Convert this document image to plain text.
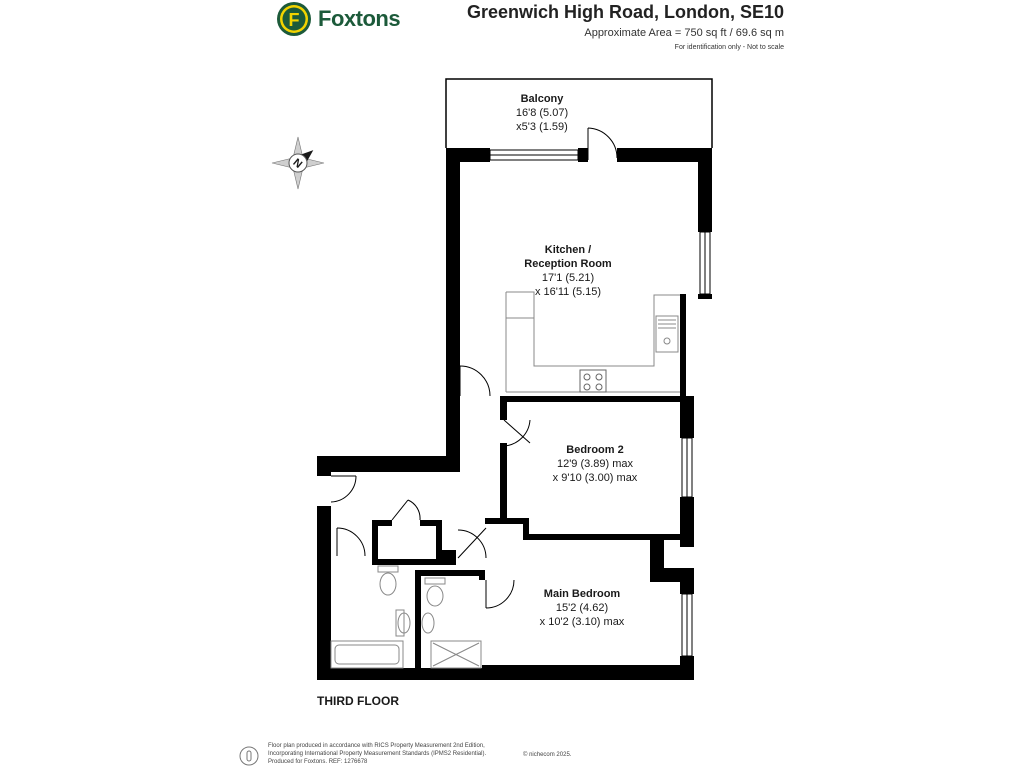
F Foxtons	Greenwich High Road, London, SE10
Approximate Area = 750 sq ft / 69.6 sq m
For identification only - Not to scale
N
Balcony
16'8 (5.07)
x5'3 (1.59)
Kitchen /
Reception Room
17'1 (5.21)
x 16'11 (5.15)
Bedroom 2
12'9 (3.89) max
x 9'10 (3.00) max
Main Bedroom
15'2 (4.62)
x 10'2 (3.10) max
THIRD FLOOR
Floor plan produced in accordance with RICS Property Measurement 2nd Edition,
Incorporating International Property Measurement Standards (IPMS2 Residential).
Produced for Foxtons. REF: 1276678
© nichecom 2025.
